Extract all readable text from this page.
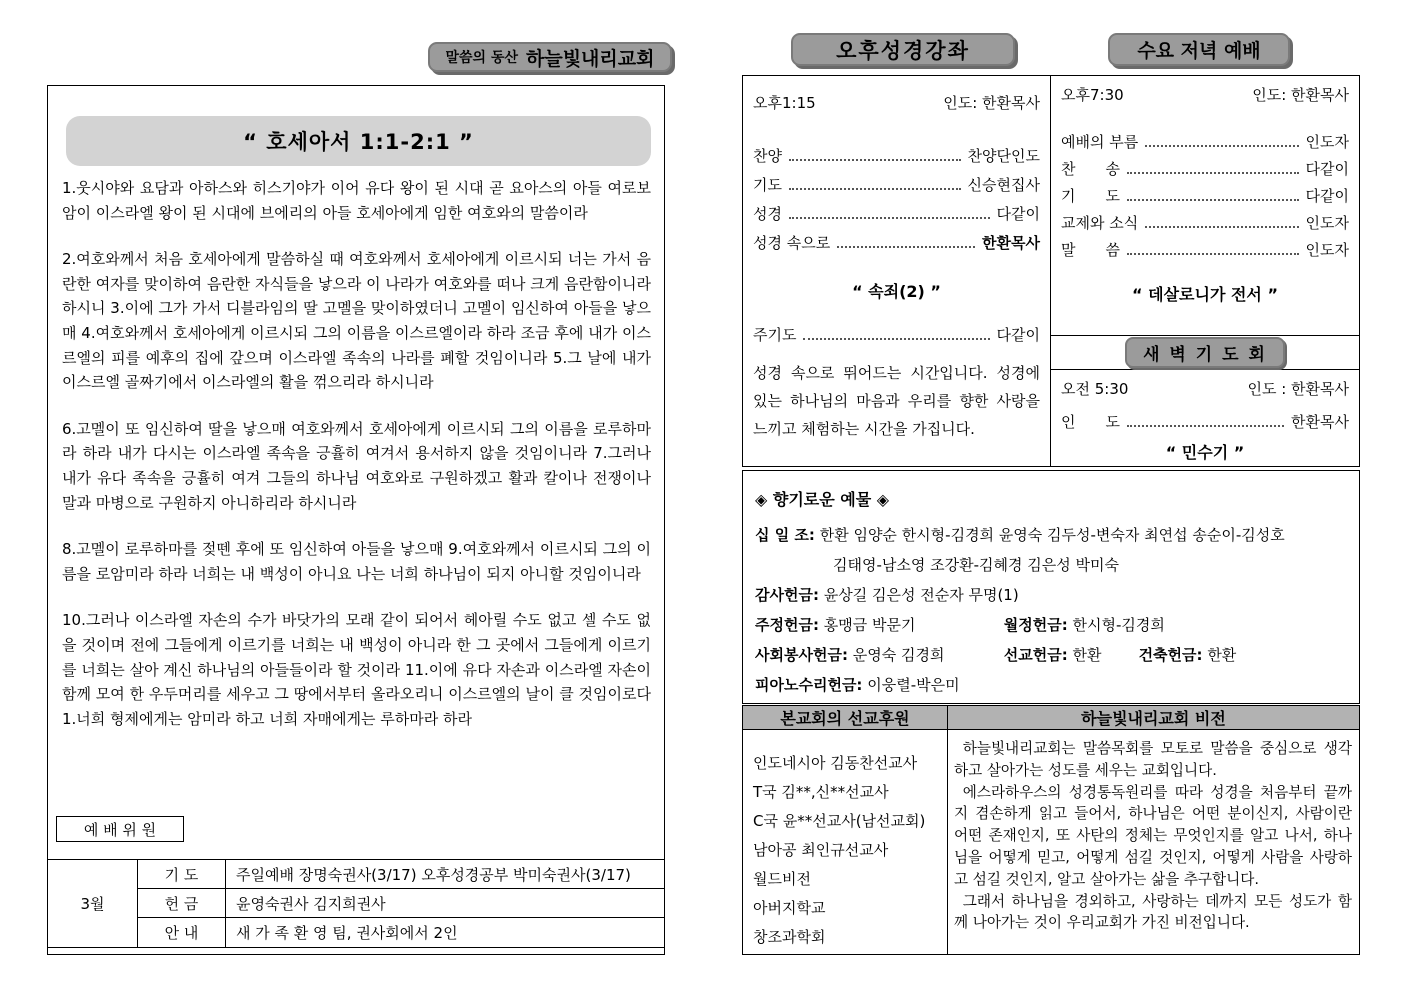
말씀의 동산 하늘빛내리교회
“ 호세아서 1:1-2:1 ”
1.웃시야와 요담과 아하스와 히스기야가 이어 유다 왕이 된 시대 곧 요아스의 아들 여로보암이 이스라엘 왕이 된 시대에 브에리의 아들 호세아에게 임한 여호와의 말씀이라
2.여호와께서 처음 호세아에게 말씀하실 때 여호와께서 호세아에게 이르시되 너는 가서 음란한 여자를 맞이하여 음란한 자식들을 낳으라 이 나라가 여호와를 떠나 크게 음란함이니라 하시니 3.이에 그가 가서 디블라임의 딸 고멜을 맞이하였더니 고멜이 임신하여 아들을 낳으매 4.여호와께서 호세아에게 이르시되 그의 이름을 이스르엘이라 하라 조금 후에 내가 이스르엘의 피를 예후의 집에 갚으며 이스라엘 족속의 나라를 폐할 것임이니라 5.그 날에 내가 이스르엘 골짜기에서 이스라엘의 활을 꺾으리라 하시니라
6.고멜이 또 임신하여 딸을 낳으매 여호와께서 호세아에게 이르시되 그의 이름을 로루하마라 하라 내가 다시는 이스라엘 족속을 긍휼히 여겨서 용서하지 않을 것임이니라 7.그러나 내가 유다 족속을 긍휼히 여겨 그들의 하나님 여호와로 구원하겠고 활과 칼이나 전쟁이나 말과 마병으로 구원하지 아니하리라 하시니라
8.고멜이 로루하마를 젖뗀 후에 또 임신하여 아들을 낳으매 9.여호와께서 이르시되 그의 이름을 로암미라 하라 너희는 내 백성이 아니요 나는 너희 하나님이 되지 아니할 것임이니라
10.그러나 이스라엘 자손의 수가 바닷가의 모래 같이 되어서 헤아릴 수도 없고 셀 수도 없을 것이며 전에 그들에게 이르기를 너희는 내 백성이 아니라 한 그 곳에서 그들에게 이르기를 너희는 살아 계신 하나님의 아들들이라 할 것이라 11.이에 유다 자손과 이스라엘 자손이 함께 모여 한 우두머리를 세우고 그 땅에서부터 올라오리니 이스르엘의 날이 클 것임이로다 1.너희 형제에게는 암미라 하고 너희 자매에게는 루하마라 하라
예 배 위 원
3월
기 도	주일예배 장명숙권사(3/17) 오후성경공부 박미숙권사(3/17)
헌 금	윤영숙권사 김지희권사
안 내	새 가 족 환 영 팀, 권사회에서 2인
오후성경강좌	수요 저녁 예배
오후1:15	인도: 한환목사
찬양	찬양단인도
기도	신승현집사
성경	다같이
성경 속으로	한환목사
“ 속죄(2) ”
주기도	다같이
성경 속으로 뛰어드는 시간입니다. 성경에 있는 하나님의 마음과 우리를 향한 사랑을 느끼고 체험하는 시간을 가집니다.
오후7:30	인도: 한환목사
예배의 부름	인도자
찬　　송	다같이
기　　도	다같이
교제와 소식	인도자
말　　씀	인도자
“ 데살로니가 전서 ”
새 벽 기 도 회
오전 5:30	인도 : 한환목사
인　　도	한환목사
“ 민수기 ”
◈ 향기로운 예물 ◈
십 일 조: 한환 임양순 한시형-김경희 윤영숙 김두성-변숙자 최연섭 송순이-김성호
김태영-남소영 조강환-김혜경 김은성 박미숙
감사헌금: 윤상길 김은성 전순자 무명(1)
주정헌금: 홍맹금 박문기	월정헌금: 한시형-김경희
사회봉사헌금: 운영숙 김경희	선교헌금: 한환 건축헌금: 한환
피아노수리헌금: 이웅렬-박은미
본교회의 선교후원	하늘빛내리교회 비전
인도네시아 김동찬선교사
T국 김**,신**선교사
C국 윤**선교사(남선교회)
남아공 최인규선교사
월드비전
아버지학교
창조과학회
하늘빛내리교회는 말씀목회를 모토로 말씀을 중심으로 생각하고 살아가는 성도를 세우는 교회입니다.
에스라하우스의 성경통독원리를 따라 성경을 처음부터 끝까지 겸손하게 읽고 들어서, 하나님은 어떤 분이신지, 사람이란 어떤 존재인지, 또 사탄의 정체는 무엇인지를 알고 나서, 하나님을 어떻게 믿고, 어떻게 섬길 것인지, 어떻게 사람을 사랑하고 섬길 것인지, 알고 살아가는 삶을 추구합니다.
그래서 하나님을 경외하고, 사랑하는 데까지 모든 성도가 함께 나아가는 것이 우리교회가 가진 비전입니다.
